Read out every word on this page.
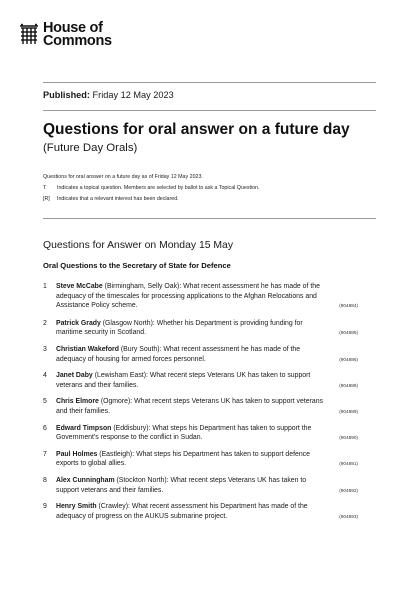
House of
Commons
Published: Friday 12 May 2023
Questions for oral answer on a future day
(Future Day Orals)
Questions for oral answer on a future day as of Friday 12 May 2023.
T	Indicates a topical question. Members are selected by ballot to ask a Topical Question.
[R]	Indicates that a relevant interest has been declared.
Questions for Answer on Monday 15 May
Oral Questions to the Secretary of State for Defence
1	Steve McCabe (Birmingham, Selly Oak): What recent assessment he has made of the adequacy of the timescales for processing applications to the Afghan Relocations and Assistance Policy scheme.	(904884)
2	Patrick Grady (Glasgow North): Whether his Department is providing funding for maritime security in Scotland.	(904885)
3	Christian Wakeford (Bury South): What recent assessment he has made of the adequacy of housing for armed forces personnel.	(904886)
4	Janet Daby (Lewisham East): What recent steps Veterans UK has taken to support veterans and their families.	(904888)
5	Chris Elmore (Ogmore): What recent steps Veterans UK has taken to support veterans and their families.	(904889)
6	Edward Timpson (Eddisbury): What steps his Department has taken to support the Government's response to the conflict in Sudan.	(904890)
7	Paul Holmes (Eastleigh): What steps his Department has taken to support defence exports to global allies.	(904891)
8	Alex Cunningham (Stockton North): What recent steps Veterans UK has taken to support veterans and their families.	(904892)
9	Henry Smith (Crawley): What recent assessment his Department has made of the adequacy of progress on the AUKUS submarine project.	(904893)
